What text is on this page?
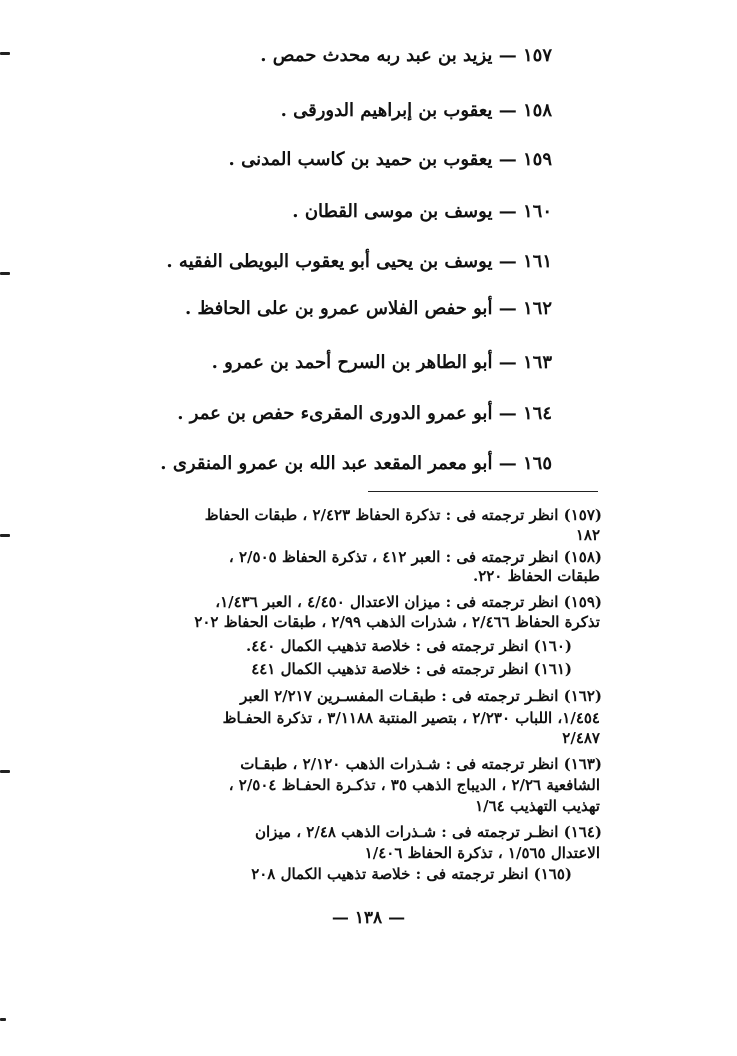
١٥٧ — يزيد بن عبد ربه محدث حمص .
١٥٨ — يعقوب بن إبراهيم الدورقى .
١٥٩ — يعقوب بن حميد بن كاسب المدنى .
١٦٠ — يوسف بن موسى القطان .
١٦١ — يوسف بن يحيى أبو يعقوب البويطى الفقيه .
١٦٢ — أبو حفص الفلاس عمرو بن على الحافظ .
١٦٣ — أبو الطاهر بن السرح أحمد بن عمرو .
١٦٤ — أبو عمرو الدورى المقرىء حفص بن عمر .
١٦٥ — أبو معمر المقعد عبد الله بن عمرو المنقرى .
(١٥٧) انظر ترجمته فى : تذكرة الحفاظ ٢/٤٢٣ ، طبقات الحفاظ
١٨٢
(١٥٨) انظر ترجمته فى : العبر ٤١٢ ، تذكرة الحفاظ ٢/٥٠٥ ،
طبقات الحفاظ ٢٢٠.
(١٥٩) انظر ترجمته فى : ميزان الاعتدال ٤/٤٥٠ ، العبر ١/٤٣٦،
تذكرة الحفاظ ٢/٤٦٦ ، شذرات الذهب ٢/٩٩ ، طبقات الحفاظ ٢٠٢
(١٦٠) انظر ترجمته فى : خلاصة تذهيب الكمال ٤٤٠.
(١٦١) انظر ترجمته فى : خلاصة تذهيب الكمال ٤٤١
(١٦٢) انظـر ترجمته فى : طبقـات المفسـرين ٢/٢١٧ العبر
١/٤٥٤، اللباب ٢/٢٣٠ ، بتصير المنتبة ٣/١١٨٨ ، تذكرة الحفـاظ
٢/٤٨٧
(١٦٣) انظر ترجمته فى : شـذرات الذهب ٢/١٢٠ ، طبقـات
الشافعية ٢/٢٦ ، الديباج الذهب ٣٥ ، تذكـرة الحفـاظ ٢/٥٠٤ ،
تهذيب التهذيب ١/٦٤
(١٦٤) انظـر ترجمته فى : شـذرات الذهب ٢/٤٨ ، ميزان
الاعتدال ١/٥٦٥ ، تذكرة الحفاظ ١/٤٠٦
(١٦٥) انظر ترجمته فى : خلاصة تذهيب الكمال ٢٠٨
— ١٣٨ —
